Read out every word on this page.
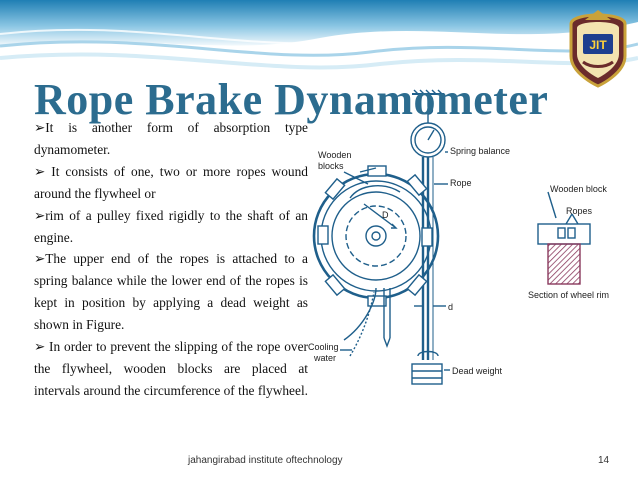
Rope Brake Dynamometer
JIT
Wooden
blocks
Spring balance
Rope
D
d
Cooling
water
Dead weight
Wooden block
Ropes
Section of wheel rim

➢It is another form of absorption type dynamometer.

➢ It consists of one, two or more ropes wound around the flywheel or

➢rim of a pulley fixed rigidly to the shaft of an engine.

➢The upper end of the ropes is attached to a spring balance while the lower end of the ropes is kept in position by applying a dead weight as shown in Figure.

➢ In order to prevent the slipping of the rope over the flywheel, wooden blocks are placed at intervals around the circumference of the flywheel.

jahangirabad institute oftechnology	14
